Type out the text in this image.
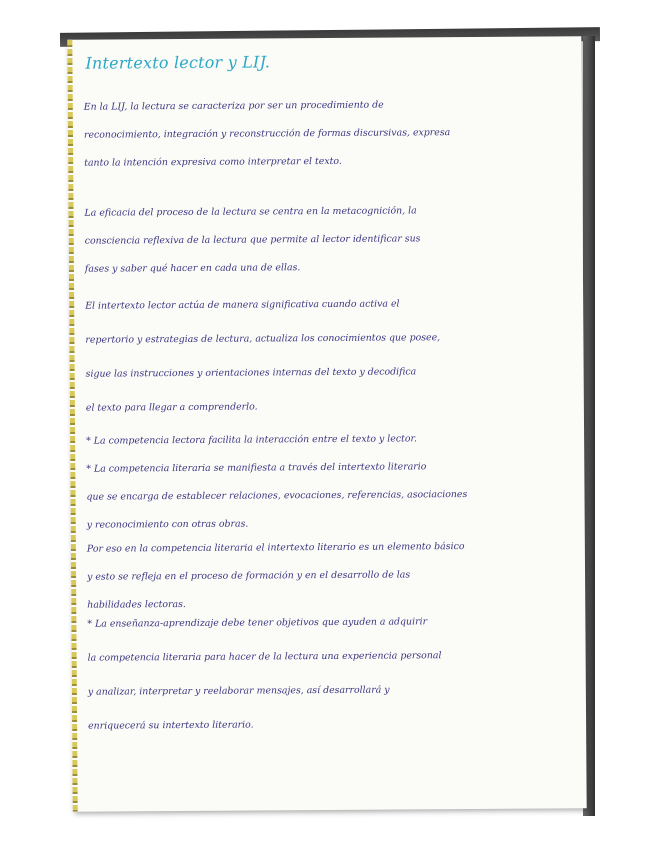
Intertexto lector y LIJ.

En la LIJ, la lectura se caracteriza por ser un procedimiento de
reconocimiento, integración y reconstrucción de formas discursivas, expresa
tanto la intención expresiva como interpretar el texto.

La eficacia del proceso de la lectura se centra en la metacognición, la
consciencia reflexiva de la lectura que permite al lector identificar sus
fases y saber qué hacer en cada una de ellas.

El intertexto lector actúa de manera significativa cuando activa el
repertorio y estrategias de lectura, actualiza los conocimientos que posee,
sigue las instrucciones y orientaciones internas del texto y decodifica
el texto para llegar a comprenderlo.

* La competencia lectora facilita la interacción entre el texto y lector.
* La competencia literaria se manifiesta a través del intertexto literario
que se encarga de establecer relaciones, evocaciones, referencias, asociaciones
y reconocimiento con otras obras.

Por eso en la competencia literaria el intertexto literario es un elemento básico
y esto se refleja en el proceso de formación y en el desarrollo de las
habilidades lectoras.

* La enseñanza-aprendizaje debe tener objetivos que ayuden a adquirir
la competencia literaria para hacer de la lectura una experiencia personal
y analizar, interpretar y reelaborar mensajes, así desarrollará y
enriquecerá su intertexto literario.
